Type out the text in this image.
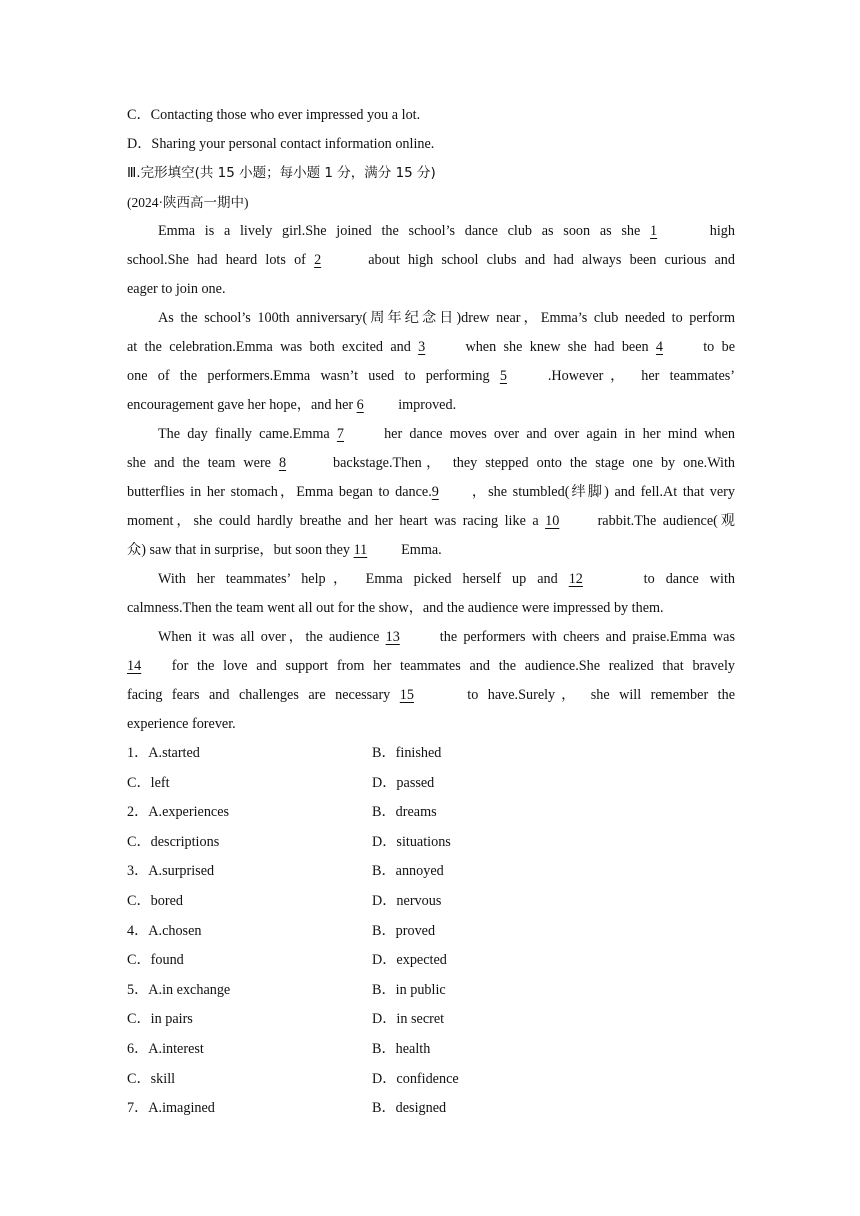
C．Contacting those who ever impressed you a lot.
D．Sharing your personal contact information online.
Ⅲ.完形填空(共 15 小题；每小题 1 分，满分 15 分)
(2024·陕西高一期中)
Emma is a lively girl.She joined the school’s dance club as soon as she 1	high
school.She had heard lots of 2	about high school clubs and had always been curious and
eager to join one.
As the school’s 100th anniversary(周年纪念日)drew near，Emma’s club needed to perform
at the celebration.Emma was both excited and 3 when she knew she had been 4 to be
one of the performers.Emma wasn’t used to performing 5	.However， her teammates’
encouragement gave her hope，and her 6 improved.
The day finally came.Emma 7 her dance moves over and over again in her mind when
she and the team were 8	backstage.Then， they stepped onto the stage one by one.With
butterflies in her stomach，Emma began to dance.9 ，she stumbled(绊脚) and fell.At that very
moment，she could hardly breathe and her heart was racing like a 10 rabbit.The audience(观
众) saw that in surprise，but soon they 11 Emma.
With her teammates’ help， Emma picked herself up and 12	to dance with
calmness.Then the team went all out for the show，and the audience were impressed by them.
When it was all over，the audience 13 the performers with cheers and praise.Emma was
14 for the love and support from her teammates and the audience.She realized that bravely
facing fears and challenges are necessary 15	to have.Surely， she will remember the
experience forever.
1．A.started	B．finished
C．left	D．passed
2．A.experiences	B．dreams
C．descriptions	D．situations
3．A.surprised	B．annoyed
C．bored	D．nervous
4．A.chosen	B．proved
C．found	D．expected
5．A.in exchange	B．in public
C．in pairs	D．in secret
6．A.interest	B．health
C．skill	D．confidence
7．A.imagined	B．designed
